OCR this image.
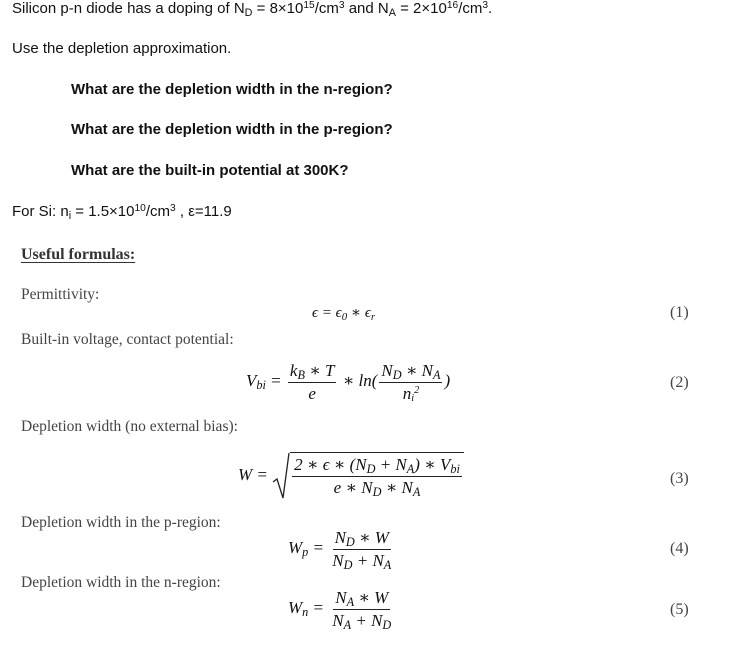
Silicon p-n diode has a doping of $N_D = 8\times 10^{15}/cm^3$ and $N_A = 2\times 10^{16}/cm^3$.
Use the depletion approximation.
What are the depletion width in the n-region?
What are the depletion width in the p-region?
What are the built-in potential at 300K?
For Si: $n_i = 1.5\times 10^{10}/cm^3$ , ε=11.9
Useful formulas:
Permittivity:
$\epsilon = \epsilon_0$ ∗ $\epsilon_r$	(1)
Built-in voltage, contact potential:
$V_{bi} = \frac{k_B ∗ T}{e}$ ∗ $\ln( \frac{N_D ∗ N_A}{ni^2}$ )	(2)
Depletion width (no external bias):
$W = \frac{2 ∗ \epsilon ∗ (N_D + N_A) ∗ V_{bi}}{e ∗ N_D ∗ N_A}$	(3)
Depletion width in the p-region:
$W_p = \frac{N_D ∗ W}{N_D + N_A}$	(4)
Depletion width in the n-region:
$W_n = \frac{N_A ∗ W}{N_A + N_D}$	(5)
